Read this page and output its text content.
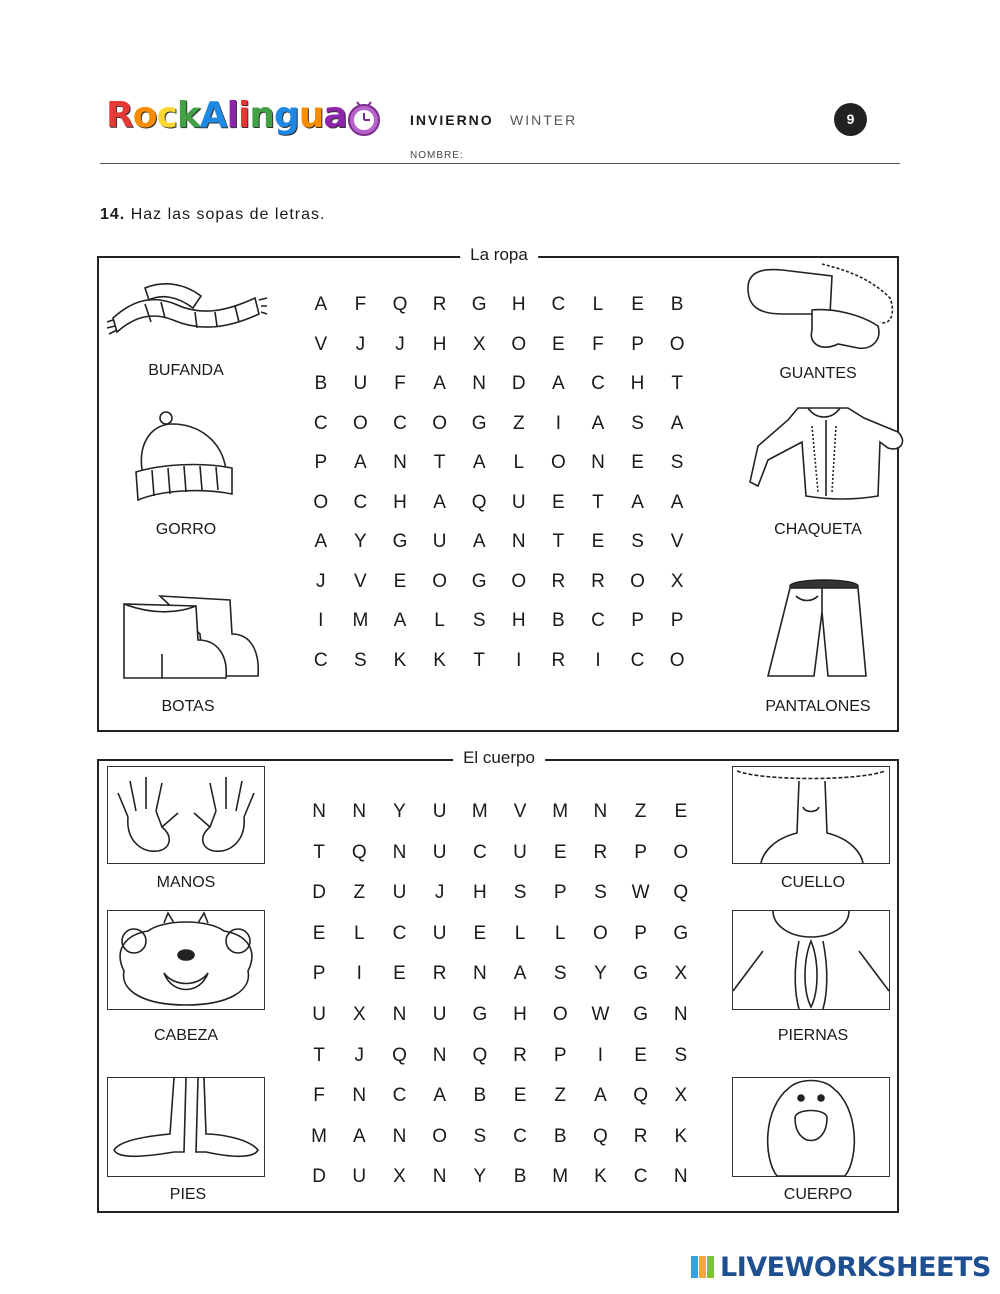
RockAlingua	INVIERNO WINTER
NOMBRE:
9
14. Haz las sopas de letras.
La ropa
BUFANDA
GORRO
BOTAS
GUANTES
CHAQUETA
PANTALONES
A	F	Q	R	G	H	C	L	E	B
V	J	J	H	X	O	E	F	P	O
B	U	F	A	N	D	A	C	H	T
C	O	C	O	G	Z	I	A	S	A
P	A	N	T	A	L	O	N	E	S
O	C	H	A	Q	U	E	T	A	A
A	Y	G	U	A	N	T	E	S	V
J	V	E	O	G	O	R	R	O	X
I	M	A	L	S	H	B	C	P	P
C	S	K	K	T	I	R	I	C	O
El cuerpo
MANOS
CABEZA
PIES
CUELLO
PIERNAS
CUERPO
N	N	Y	U	M	V	M	N	Z	E
T	Q	N	U	C	U	E	R	P	O
D	Z	U	J	H	S	P	S	W	Q
E	L	C	U	E	L	L	O	P	G
P	I	E	R	N	A	S	Y	G	X
U	X	N	U	G	H	O	W	G	N
T	J	Q	N	Q	R	P	I	E	S
F	N	C	A	B	E	Z	A	Q	X
M	A	N	O	S	C	B	Q	R	K
D	U	X	N	Y	B	M	K	C	N
LIVEWORKSHEETS
